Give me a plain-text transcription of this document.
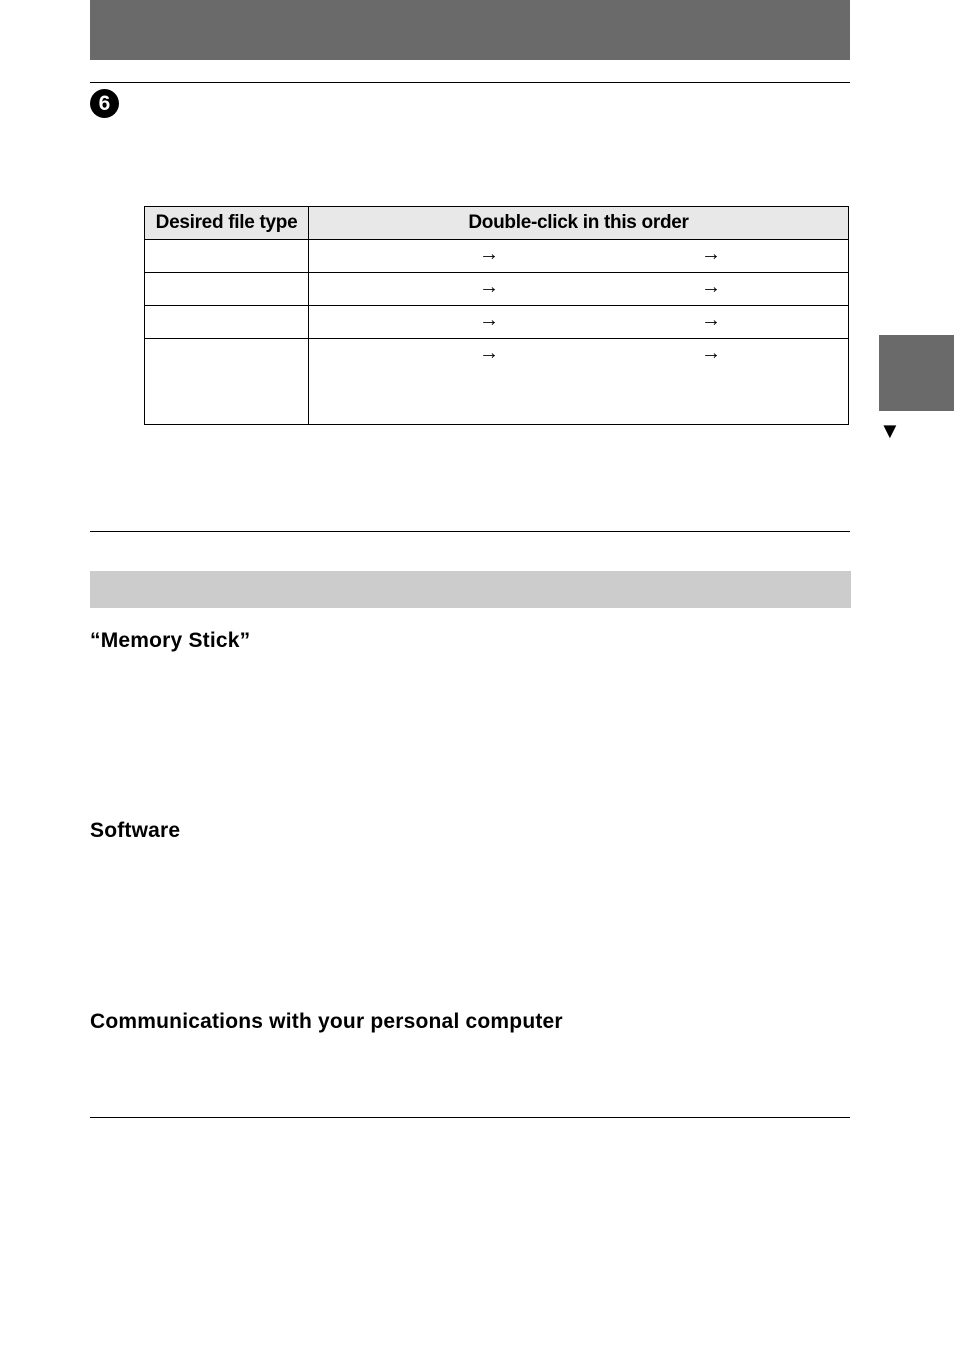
6
Desired file type	Double-click in this order

	→ →

	→ →

	→ →

	→ →
▼
“Memory Stick”
Software
Communications with your personal computer
